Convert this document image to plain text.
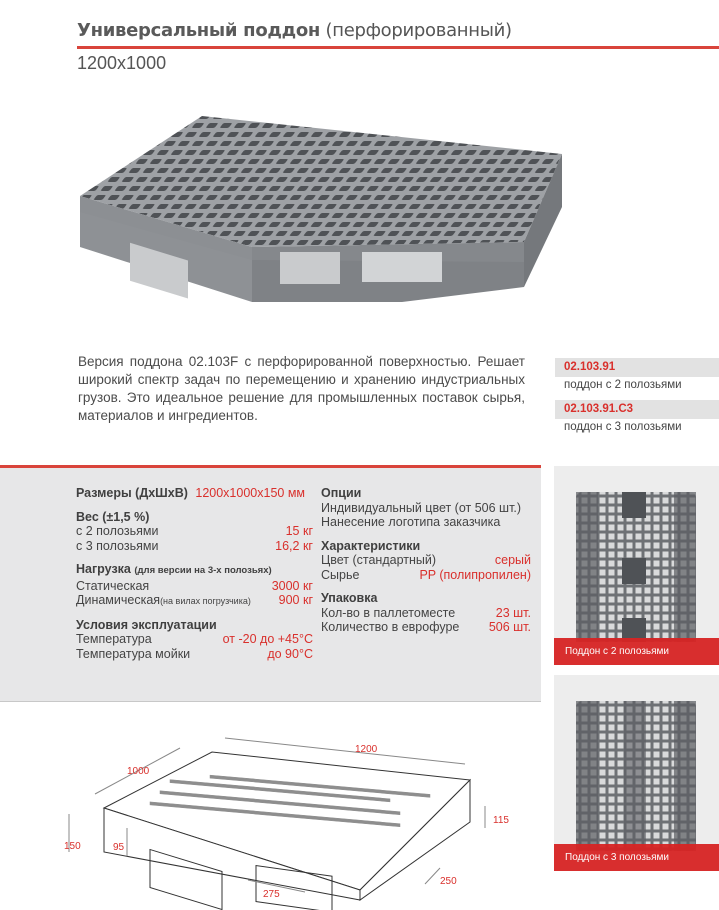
Универсальный поддон (перфорированный)
1200x1000
Версия поддона 02.103F с перфорированной поверхностью. Решает широкий спектр задач по перемещению и хранению индустриальных грузов. Это идеальное решение для промышленных поставок сырья, материалов и ингредиентов.
02.103.91
поддон с 2 полозьями
02.103.91.C3
поддон с 3 полозьями
Размеры (ДхШхВ) 1200x1000x150 мм
Вес (±1,5 %)
с 2 полозьями	15 кг
с 3 полозьями	16,2 кг
Нагрузка (для версии на 3-х полозьях)
Статическая	3000 кг
Динамическая(на вилах погрузчика) 900 кг
Условия эксплуатации
Температура	от -20 до +45°С
Температура мойки	до 90°С
Опции
Индивидуальный цвет (от 506 шт.)
Нанесение логотипа заказчика
Характеристики
Цвет (стандартный)	серый
Сырье	PP (полипропилен)
Упаковка
Кол-во в паллетоместе	23 шт.
Количество в еврофуре 506 шт.
Поддон с 2 полозьями
Поддон с 3 полозьями
1200
1000
150	95
115
250
275
